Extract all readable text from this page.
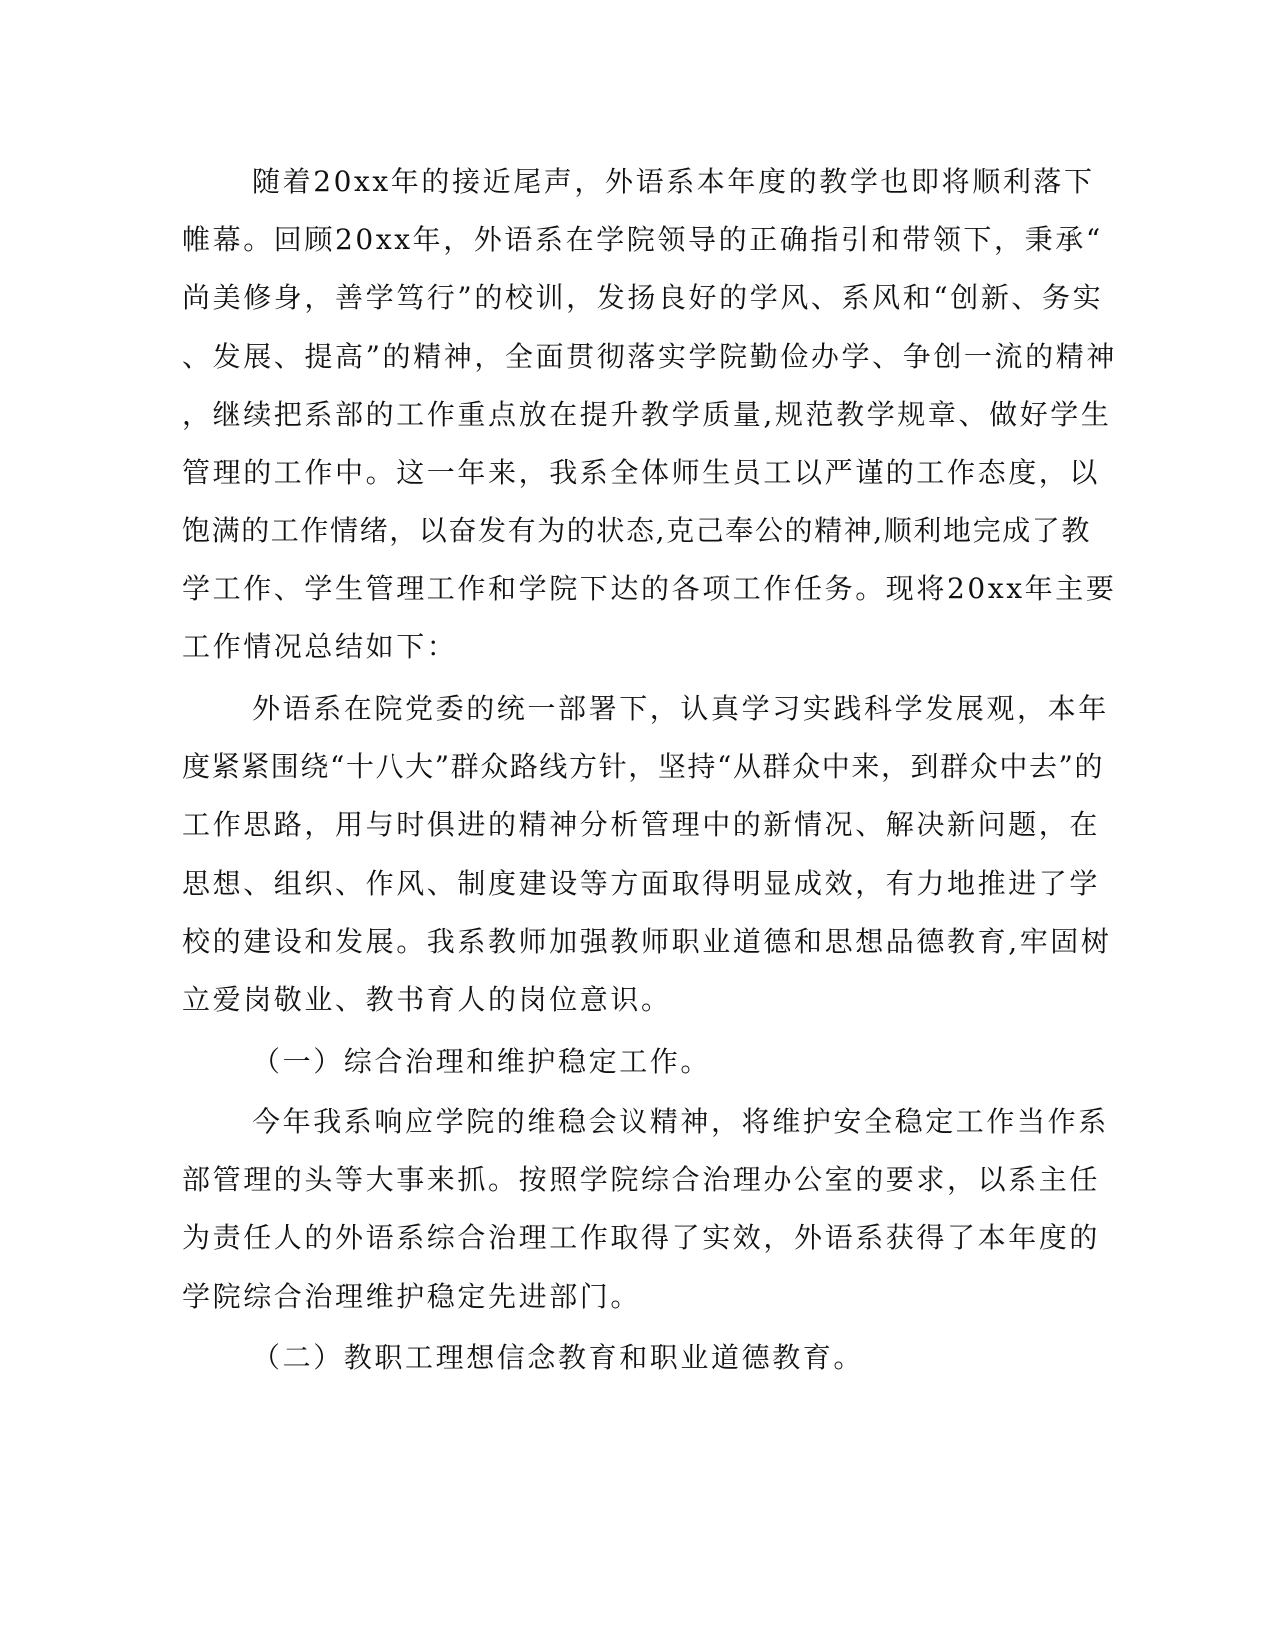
随着20xx年的接近尾声，外语系本年度的教学也即将顺利落下
帷幕。回顾20xx年，外语系在学院领导的正确指引和带领下，秉承“
尚美修身，善学笃行”的校训，发扬良好的学风、系风和“创新、务实
、发展、提高”的精神，全面贯彻落实学院勤俭办学、争创一流的精神
，继续把系部的工作重点放在提升教学质量,规范教学规章、做好学生
管理的工作中。这一年来，我系全体师生员工以严谨的工作态度，以
饱满的工作情绪，以奋发有为的状态,克己奉公的精神,顺利地完成了教
学工作、学生管理工作和学院下达的各项工作任务。现将20xx年主要
工作情况总结如下：
外语系在院党委的统一部署下，认真学习实践科学发展观，本年
度紧紧围绕“十八大”群众路线方针，坚持“从群众中来，到群众中去”的
工作思路，用与时俱进的精神分析管理中的新情况、解决新问题，在
思想、组织、作风、制度建设等方面取得明显成效，有力地推进了学
校的建设和发展。我系教师加强教师职业道德和思想品德教育,牢固树
立爱岗敬业、教书育人的岗位意识。
（一）综合治理和维护稳定工作。
今年我系响应学院的维稳会议精神，将维护安全稳定工作当作系
部管理的头等大事来抓。按照学院综合治理办公室的要求，以系主任
为责任人的外语系综合治理工作取得了实效，外语系获得了本年度的
学院综合治理维护稳定先进部门。
（二）教职工理想信念教育和职业道德教育。
